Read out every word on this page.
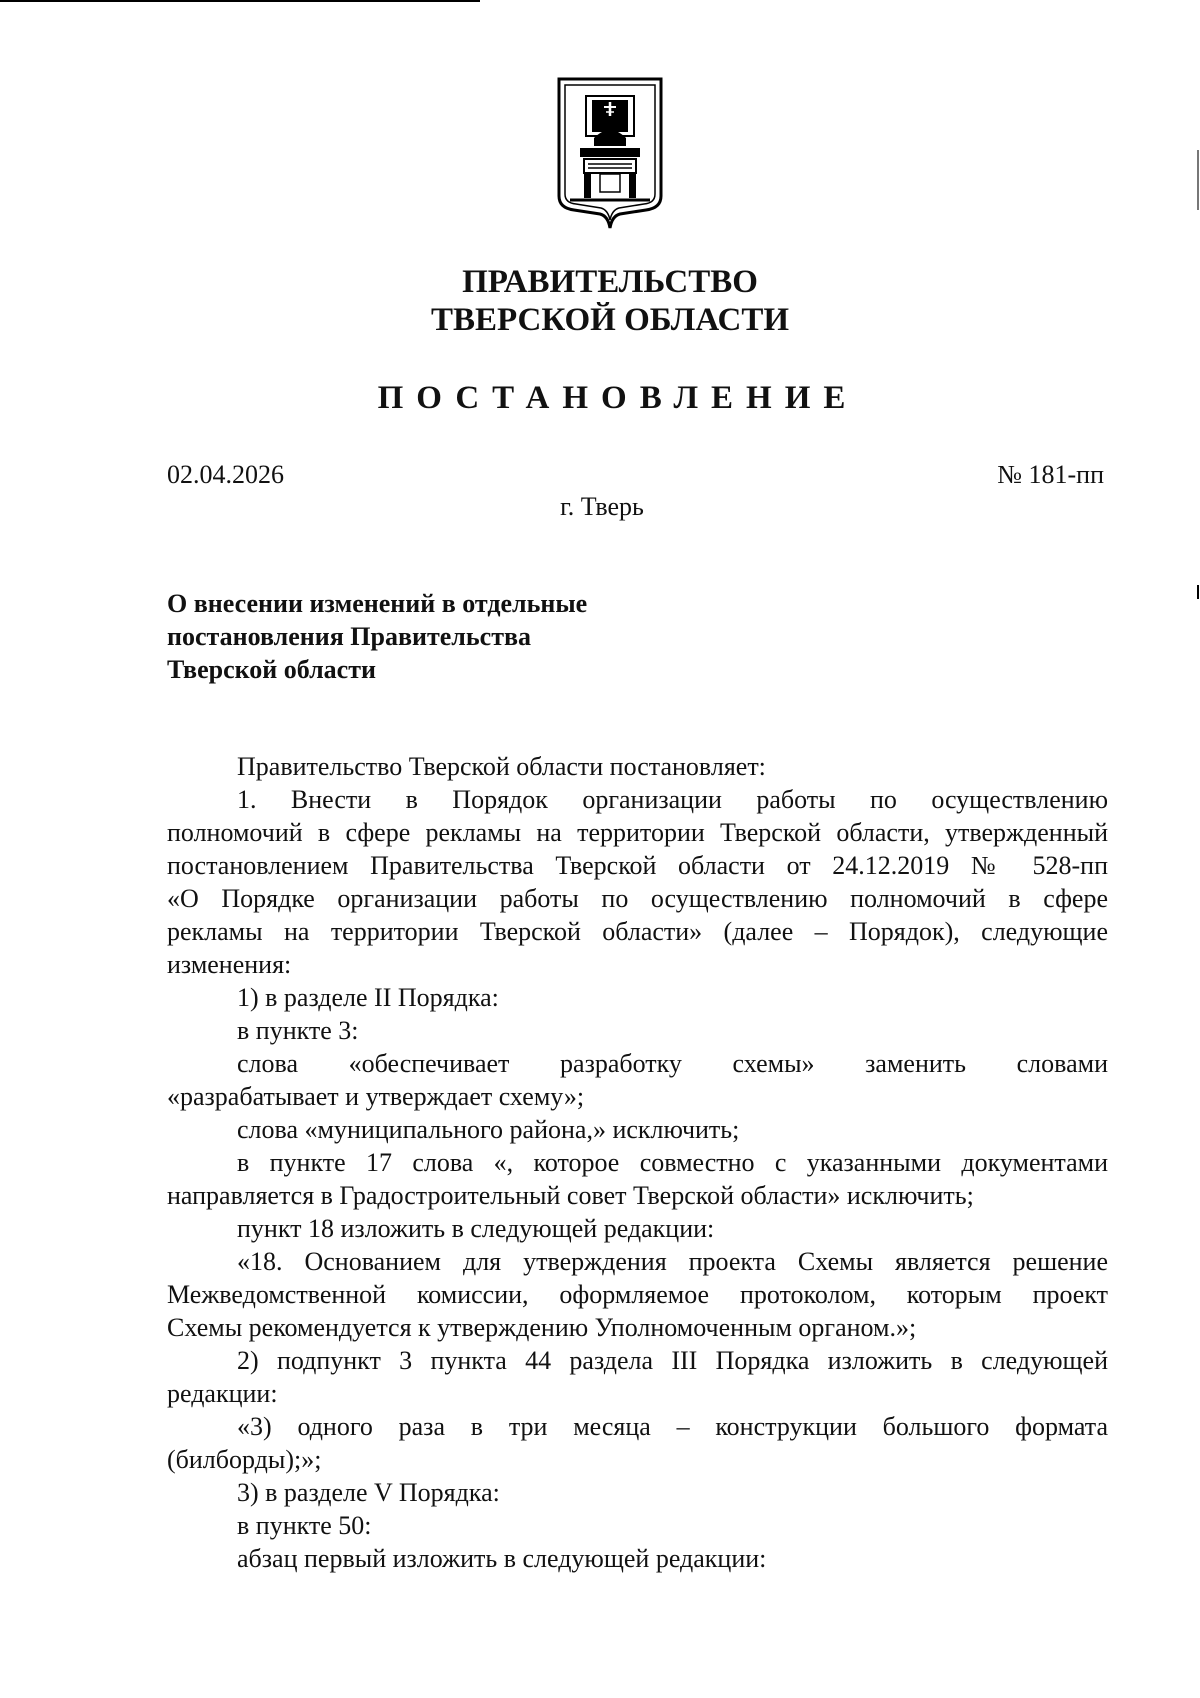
ПРАВИТЕЛЬСТВО
ТВЕРСКОЙ ОБЛАСТИ
ПОСТАНОВЛЕНИЕ
02.04.2026	№ 181-пп
г. Тверь
О внесении изменений в отдельные
постановления Правительства
Тверской области
Правительство Тверской области постановляет:
1. Внести в Порядок организации работы по осуществлению
полномочий в сфере рекламы на территории Тверской области, утвержденный
постановлением Правительства Тверской области от 24.12.2019 № 528-пп
«О Порядке организации работы по осуществлению полномочий в сфере
рекламы на территории Тверской области» (далее – Порядок), следующие
изменения:
1) в разделе II Порядка:
в пункте 3:
слова «обеспечивает разработку схемы» заменить словами
«разрабатывает и утверждает схему»;
слова «муниципального района,» исключить;
в пункте 17 слова «, которое совместно с указанными документами
направляется в Градостроительный совет Тверской области» исключить;
пункт 18 изложить в следующей редакции:
«18. Основанием для утверждения проекта Схемы является решение
Межведомственной комиссии, оформляемое протоколом, которым проект
Схемы рекомендуется к утверждению Уполномоченным органом.»;
2) подпункт 3 пункта 44 раздела III Порядка изложить в следующей
редакции:
«3) одного раза в три месяца – конструкции большого формата
(билборды);»;
3) в разделе V Порядка:
в пункте 50:
абзац первый изложить в следующей редакции:
